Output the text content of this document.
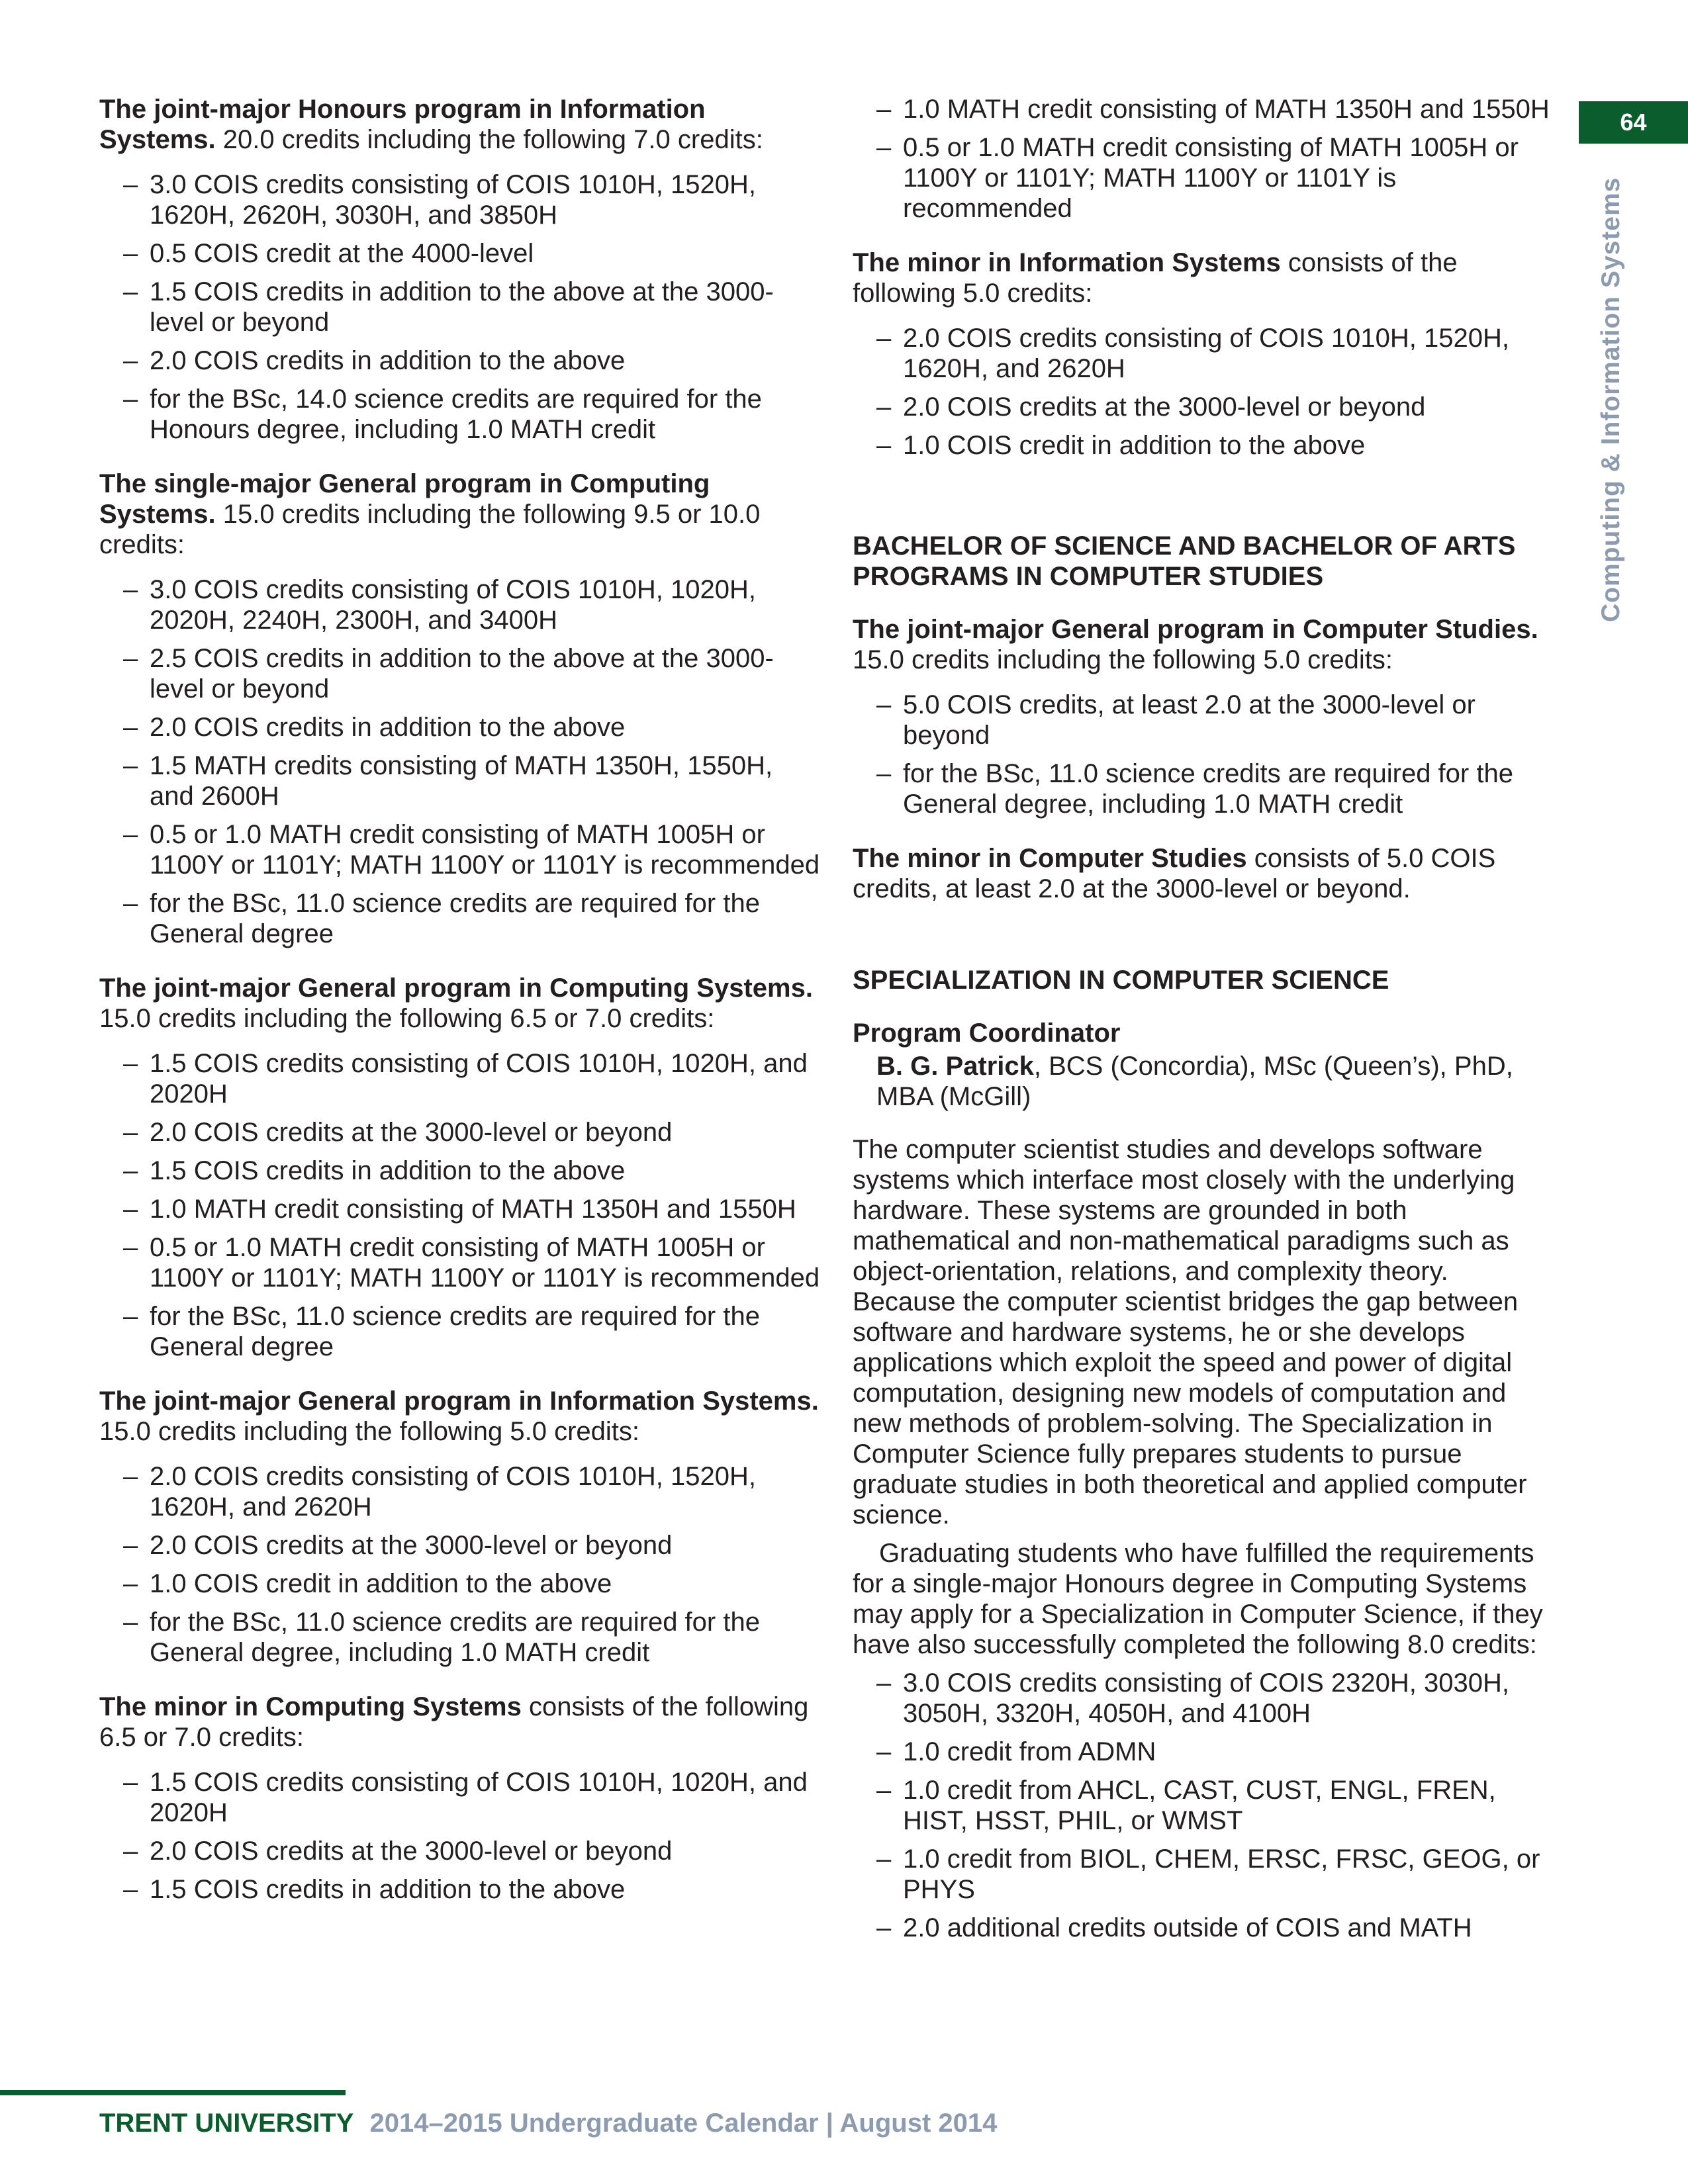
64
Computing & Information Systems

The joint-major Honours program in Information Systems. 20.0 credits including the following 7.0 credits:

– 3.0 COIS credits consisting of COIS 1010H, 1520H, 1620H, 2620H, 3030H, and 3850H
– 0.5 COIS credit at the 4000-level
– 1.5 COIS credits in addition to the above at the 3000-level or beyond
– 2.0 COIS credits in addition to the above
– for the BSc, 14.0 science credits are required for the Honours degree, including 1.0 MATH credit

The single-major General program in Computing Systems. 15.0 credits including the following 9.5 or 10.0 credits:

– 3.0 COIS credits consisting of COIS 1010H, 1020H, 2020H, 2240H, 2300H, and 3400H
– 2.5 COIS credits in addition to the above at the 3000-level or beyond
– 2.0 COIS credits in addition to the above
– 1.5 MATH credits consisting of MATH 1350H, 1550H, and 2600H
– 0.5 or 1.0 MATH credit consisting of MATH 1005H or 1100Y or 1101Y; MATH 1100Y or 1101Y is recommended
– for the BSc, 11.0 science credits are required for the General degree

The joint-major General program in Computing Systems. 15.0 credits including the following 6.5 or 7.0 credits:

– 1.5 COIS credits consisting of COIS 1010H, 1020H, and 2020H
– 2.0 COIS credits at the 3000-level or beyond
– 1.5 COIS credits in addition to the above
– 1.0 MATH credit consisting of MATH 1350H and 1550H
– 0.5 or 1.0 MATH credit consisting of MATH 1005H or 1100Y or 1101Y; MATH 1100Y or 1101Y is recommended
– for the BSc, 11.0 science credits are required for the General degree

The joint-major General program in Information Systems. 15.0 credits including the following 5.0 credits:

– 2.0 COIS credits consisting of COIS 1010H, 1520H, 1620H, and 2620H
– 2.0 COIS credits at the 3000-level or beyond
– 1.0 COIS credit in addition to the above
– for the BSc, 11.0 science credits are required for the General degree, including 1.0 MATH credit

The minor in Computing Systems consists of the following 6.5 or 7.0 credits:

– 1.5 COIS credits consisting of COIS 1010H, 1020H, and 2020H
– 2.0 COIS credits at the 3000-level or beyond
– 1.5 COIS credits in addition to the above
– 1.0 MATH credit consisting of MATH 1350H and 1550H
– 0.5 or 1.0 MATH credit consisting of MATH 1005H or 1100Y or 1101Y; MATH 1100Y or 1101Y is recommended

The minor in Information Systems consists of the following 5.0 credits:

– 2.0 COIS credits consisting of COIS 1010H, 1520H, 1620H, and 2620H
– 2.0 COIS credits at the 3000-level or beyond
– 1.0 COIS credit in addition to the above

BACHELOR OF SCIENCE AND BACHELOR OF ARTS PROGRAMS IN COMPUTER STUDIES

The joint-major General program in Computer Studies. 15.0 credits including the following 5.0 credits:

– 5.0 COIS credits, at least 2.0 at the 3000-level or beyond
– for the BSc, 11.0 science credits are required for the General degree, including 1.0 MATH credit

The minor in Computer Studies consists of 5.0 COIS credits, at least 2.0 at the 3000-level or beyond.

SPECIALIZATION IN COMPUTER SCIENCE

Program Coordinator

B. G. Patrick, BCS (Concordia), MSc (Queen’s), PhD, MBA (McGill)

The computer scientist studies and develops software systems which interface most closely with the underlying hardware. These systems are grounded in both mathematical and non-mathematical paradigms such as object-orientation, relations, and complexity theory. Because the computer scientist bridges the gap between software and hardware systems, he or she develops applications which exploit the speed and power of digital computation, designing new models of computation and new methods of problem-solving. The Specialization in Computer Science fully prepares students to pursue graduate studies in both theoretical and applied computer science.

Graduating students who have fulfilled the requirements for a single-major Honours degree in Computing Systems may apply for a Specialization in Computer Science, if they have also successfully completed the following 8.0 credits:

– 3.0 COIS credits consisting of COIS 2320H, 3030H, 3050H, 3320H, 4050H, and 4100H
– 1.0 credit from ADMN
– 1.0 credit from AHCL, CAST, CUST, ENGL, FREN, HIST, HSST, PHIL, or WMST
– 1.0 credit from BIOL, CHEM, ERSC, FRSC, GEOG, or PHYS
– 2.0 additional credits outside of COIS and MATH
TRENT UNIVERSITY 2014–2015 Undergraduate Calendar | August 2014
